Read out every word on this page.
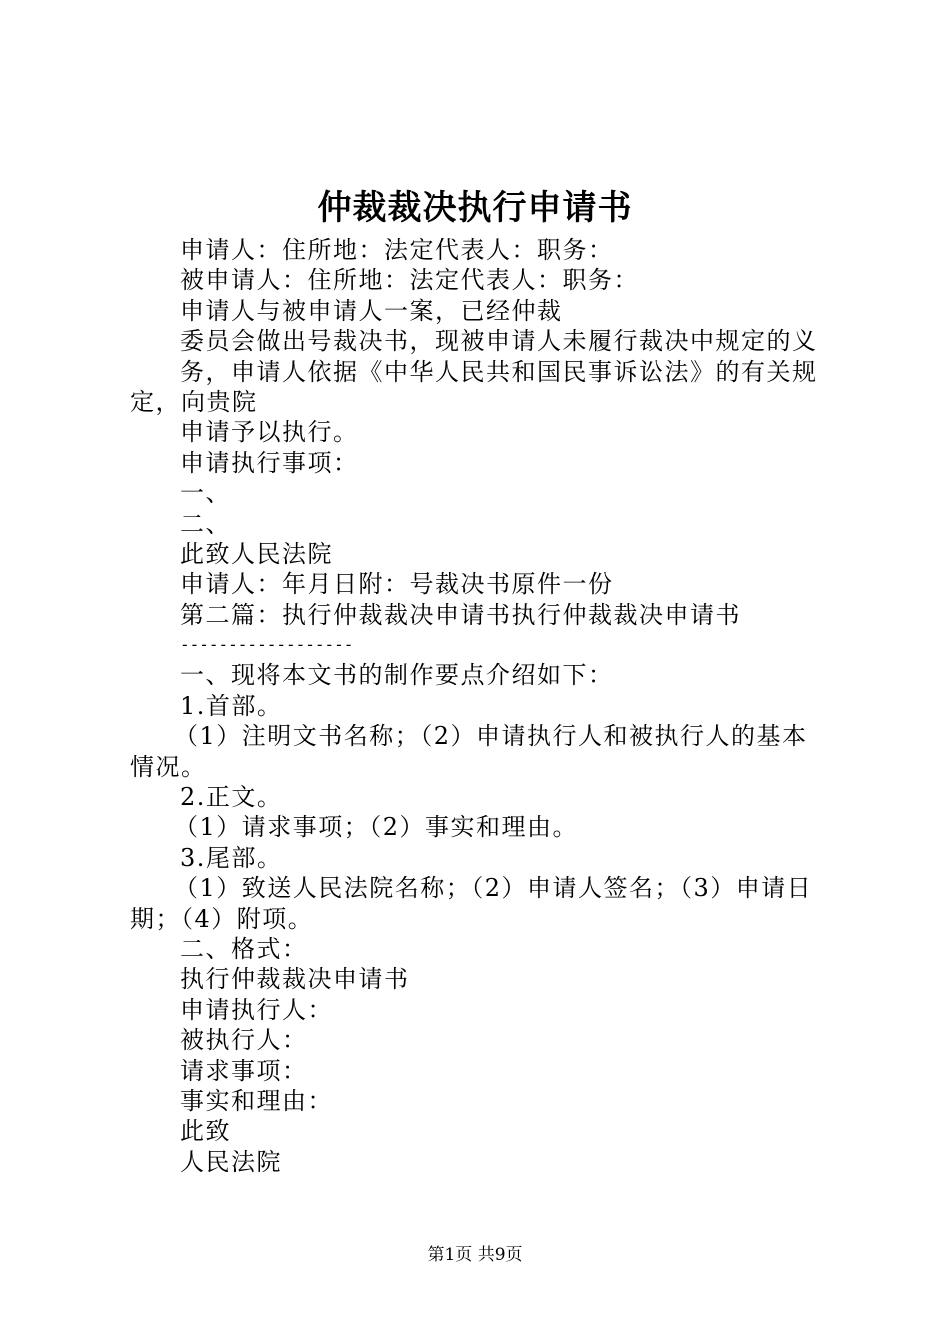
仲裁裁决执行申请书
申请人：住所地：法定代表人：职务：
被申请人：住所地：法定代表人：职务：
申请人与被申请人一案，已经仲裁
委员会做出号裁决书，现被申请人未履行裁决中规定的义
务，申请人依据《中华人民共和国民事诉讼法》的有关规
定，向贵院
申请予以执行。
申请执行事项：
一、
二、
此致人民法院
申请人：年月日附：号裁决书原件一份
第二篇：执行仲裁裁决申请书执行仲裁裁决申请书
------------------
一、现将本文书的制作要点介绍如下：
1.首部。
（1）注明文书名称；（2）申请执行人和被执行人的基本
情况。
2.正文。
（1）请求事项；（2）事实和理由。
3.尾部。
（1）致送人民法院名称；（2）申请人签名；（3）申请日
期；（4）附项。
二、格式：
执行仲裁裁决申请书
申请执行人：
被执行人：
请求事项：
事实和理由：
此致
人民法院
第1页 共9页
